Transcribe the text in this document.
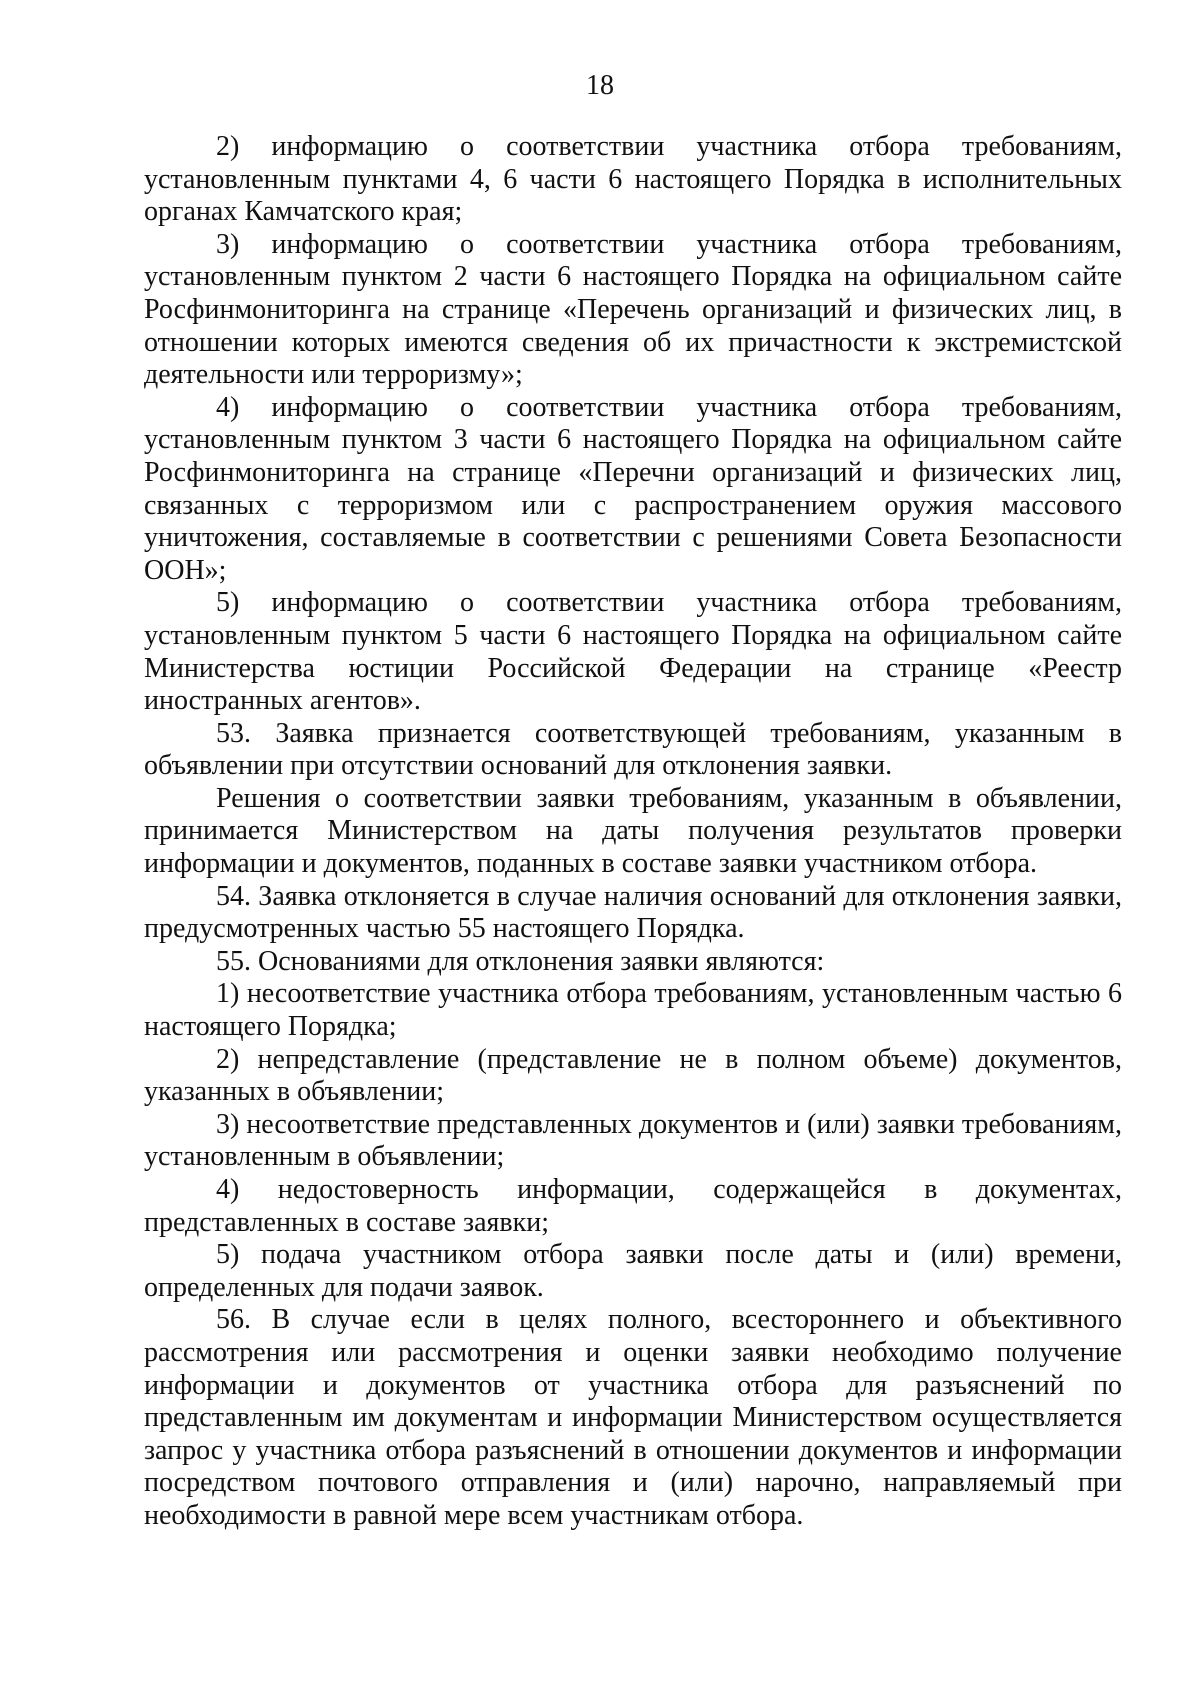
18

2) информацию о соответствии участника отбора требованиям, установленным пунктами 4, 6 части 6 настоящего Порядка в исполнительных органах Камчатского края;

3) информацию о соответствии участника отбора требованиям, установленным пунктом 2 части 6 настоящего Порядка на официальном сайте Росфинмониторинга на странице «Перечень организаций и физических лиц, в отношении которых имеются сведения об их причастности к экстремистской деятельности или терроризму»;

4) информацию о соответствии участника отбора требованиям, установленным пунктом 3 части 6 настоящего Порядка на официальном сайте Росфинмониторинга на странице «Перечни организаций и физических лиц, связанных с терроризмом или с распространением оружия массового уничтожения, составляемые в соответствии с решениями Совета Безопасности ООН»;

5) информацию о соответствии участника отбора требованиям, установленным пунктом 5 части 6 настоящего Порядка на официальном сайте Министерства юстиции Российской Федерации на странице «Реестр иностранных агентов».

53. Заявка признается соответствующей требованиям, указанным в объявлении при отсутствии оснований для отклонения заявки.

Решения о соответствии заявки требованиям, указанным в объявлении, принимается Министерством на даты получения результатов проверки информации и документов, поданных в составе заявки участником отбора.

54. Заявка отклоняется в случае наличия оснований для отклонения заявки, предусмотренных частью 55 настоящего Порядка.

55. Основаниями для отклонения заявки являются:

1) несоответствие участника отбора требованиям, установленным частью 6 настоящего Порядка;

2) непредставление (представление не в полном объеме) документов, указанных в объявлении;

3) несоответствие представленных документов и (или) заявки требованиям, установленным в объявлении;

4) недостоверность информации, содержащейся в документах, представленных в составе заявки;

5) подача участником отбора заявки после даты и (или) времени, определенных для подачи заявок.

56. В случае если в целях полного, всестороннего и объективного рассмотрения или рассмотрения и оценки заявки необходимо получение информации и документов от участника отбора для разъяснений по представленным им документам и информации Министерством осуществляется запрос у участника отбора разъяснений в отношении документов и информации посредством почтового отправления и (или) нарочно, направляемый при необходимости в равной мере всем участникам отбора.
